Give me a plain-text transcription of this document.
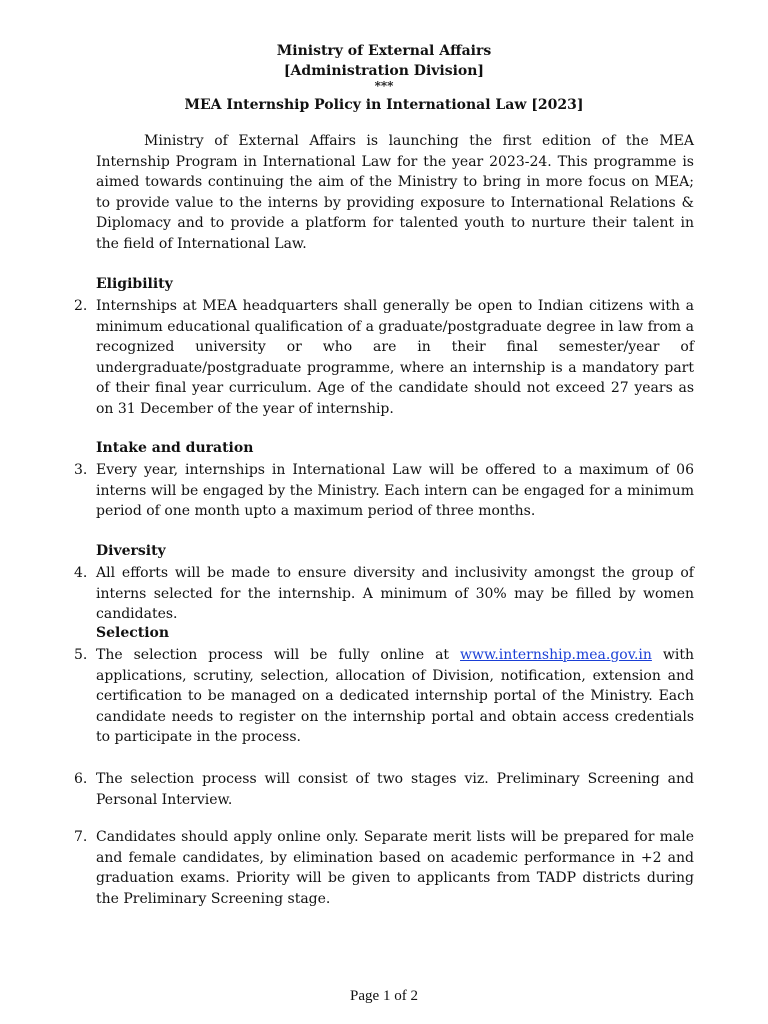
Ministry of External Affairs
[Administration Division]
***
MEA Internship Policy in International Law [2023]
Ministry of External Affairs is launching the first edition of the MEA Internship Program in International Law for the year 2023-24. This programme is aimed towards continuing the aim of the Ministry to bring in more focus on MEA; to provide value to the interns by providing exposure to International Relations & Diplomacy and to provide a platform for talented youth to nurture their talent in the field of International Law.
Eligibility
2. Internships at MEA headquarters shall generally be open to Indian citizens with a minimum educational qualification of a graduate/postgraduate degree in law from a recognized university or who are in their final semester/year of undergraduate/postgraduate programme, where an internship is a mandatory part of their final year curriculum. Age of the candidate should not exceed 27 years as on 31 December of the year of internship.
Intake and duration
3. Every year, internships in International Law will be offered to a maximum of 06 interns will be engaged by the Ministry. Each intern can be engaged for a minimum period of one month upto a maximum period of three months.
Diversity
4. All efforts will be made to ensure diversity and inclusivity amongst the group of interns selected for the internship. A minimum of 30% may be filled by women candidates.
Selection
5. The selection process will be fully online at www.internship.mea.gov.in with applications, scrutiny, selection, allocation of Division, notification, extension and certification to be managed on a dedicated internship portal of the Ministry. Each candidate needs to register on the internship portal and obtain access credentials to participate in the process.
6. The selection process will consist of two stages viz. Preliminary Screening and Personal Interview.
7. Candidates should apply online only. Separate merit lists will be prepared for male and female candidates, by elimination based on academic performance in +2 and graduation exams. Priority will be given to applicants from TADP districts during the Preliminary Screening stage.
Page 1 of 2
